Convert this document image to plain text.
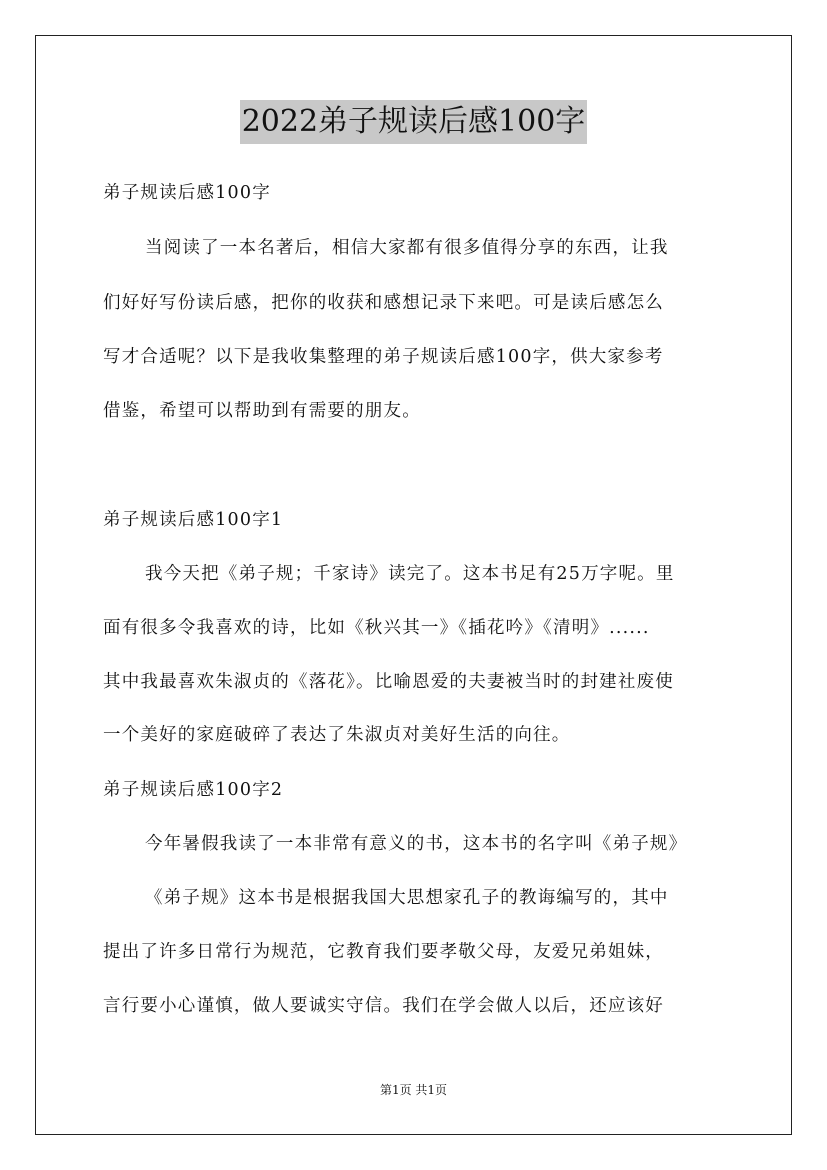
2022弟子规读后感100字
弟子规读后感100字
当阅读了一本名著后，相信大家都有很多值得分享的东西，让我
们好好写份读后感，把你的收获和感想记录下来吧。可是读后感怎么
写才合适呢？以下是我收集整理的弟子规读后感100字，供大家参考
借鉴，希望可以帮助到有需要的朋友。
弟子规读后感100字1
我今天把《弟子规；千家诗》读完了。这本书足有25万字呢。里
面有很多令我喜欢的诗，比如《秋兴其一》《插花吟》《清明》......
其中我最喜欢朱淑贞的《落花》。比喻恩爱的夫妻被当时的封建社废使
一个美好的家庭破碎了表达了朱淑贞对美好生活的向往。
弟子规读后感100字2
今年暑假我读了一本非常有意义的书，这本书的名字叫《弟子规》
《弟子规》这本书是根据我国大思想家孔子的教诲编写的，其中
提出了许多日常行为规范，它教育我们要孝敬父母，友爱兄弟姐妹，
言行要小心谨慎，做人要诚实守信。我们在学会做人以后，还应该好
第1页 共1页
